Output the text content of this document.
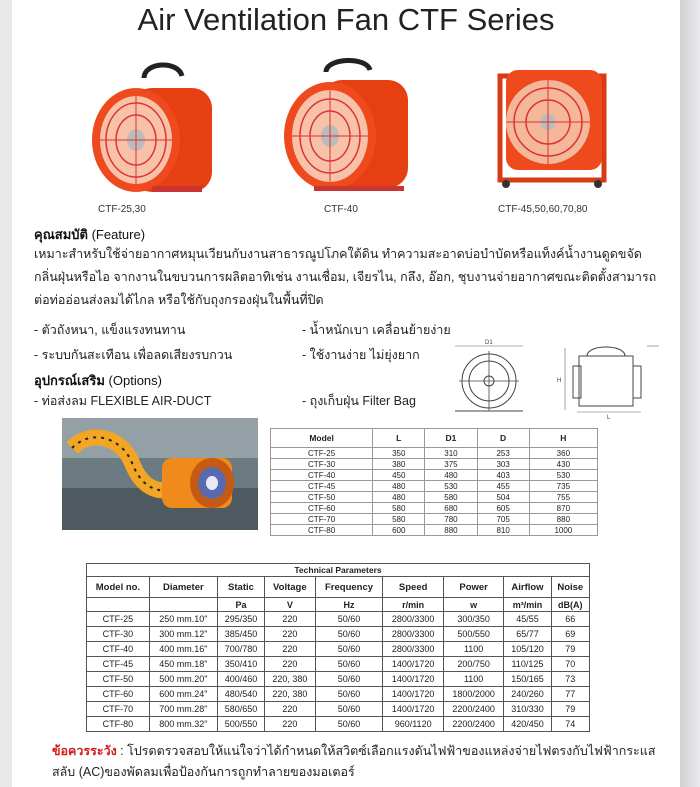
Air Ventilation Fan CTF Series
CTF-25,30	CTF-40	CTF-45,50,60,70,80
คุณสมบัติ (Feature)
เหมาะสำหรับใช้จ่ายอากาศหมุนเวียนกับงานสาธารณูปโภคใต้ดิน ทำความสะอาดบ่อบำบัดหรือแท็งค์น้ำงานดูดขจัดกลิ่นฝุ่นหรือไอ จากงานในขบวนการผลิตอาทิเช่น งานเชื่อม, เจียรไน, กลึง, อ๊อก, ชุบงานจ่ายอากาศขณะติดตั้งสามารถต่อท่ออ่อนส่งลมได้ไกล หรือใช้กับถุงกรองฝุ่นในพื้นที่ปิด
- ตัวถังหนา, แข็งแรงทนทาน	- น้ำหนักเบา เคลื่อนย้ายง่าย
- ระบบกันสะเทือน เพื่อลดเสียงรบกวน	- ใช้งานง่าย ไม่ยุ่งยาก
อุปกรณ์เสริม (Options)
- ท่อส่งลม FLEXIBLE AIR-DUCT	- ถุงเก็บฝุ่น Filter Bag
D1
H
L
Model	L	D1	D	H
CTF-25	350	310	253	360
CTF-30	380	375	303	430
CTF-40	450	480	403	530
CTF-45	480	530	455	735
CTF-50	480	580	504	755
CTF-60	580	680	605	870
CTF-70	580	780	705	880
CTF-80	600	880	810	1000
Technical Parameters								
Model no.	Diameter	Static	Voltage	Frequency	Speed	Power	Airflow	Noise
		Pa	V	Hz	r/min	w	m³/min	dB(A)
CTF-25	250 mm.10"	295/350	220	50/60	2800/3300	300/350	45/55	66
CTF-30	300 mm.12"	385/450	220	50/60	2800/3300	500/550	65/77	69
CTF-40	400 mm.16"	700/780	220	50/60	2800/3300	1100	105/120	79
CTF-45	450 mm.18"	350/410	220	50/60	1400/1720	200/750	110/125	70
CTF-50	500 mm.20"	400/460	220, 380	50/60	1400/1720	1100	150/165	73
CTF-60	600 mm.24"	480/540	220, 380	50/60	1400/1720	1800/2000	240/260	77
CTF-70	700 mm.28"	580/650	220	50/60	1400/1720	2200/2400	310/330	79
CTF-80	800 mm.32"	500/550	220	50/60	960/1120	2200/2400	420/450	74
ข้อควรระวัง : โปรดตรวจสอบให้แน่ใจว่าได้กำหนดให้สวิตซ์เลือกแรงดันไฟฟ้าของแหล่งจ่ายไฟตรงกับไฟฟ้ากระแสสลับ (AC)ของพัดลมเพื่อป้องกันการถูกทำลายของมอเตอร์
